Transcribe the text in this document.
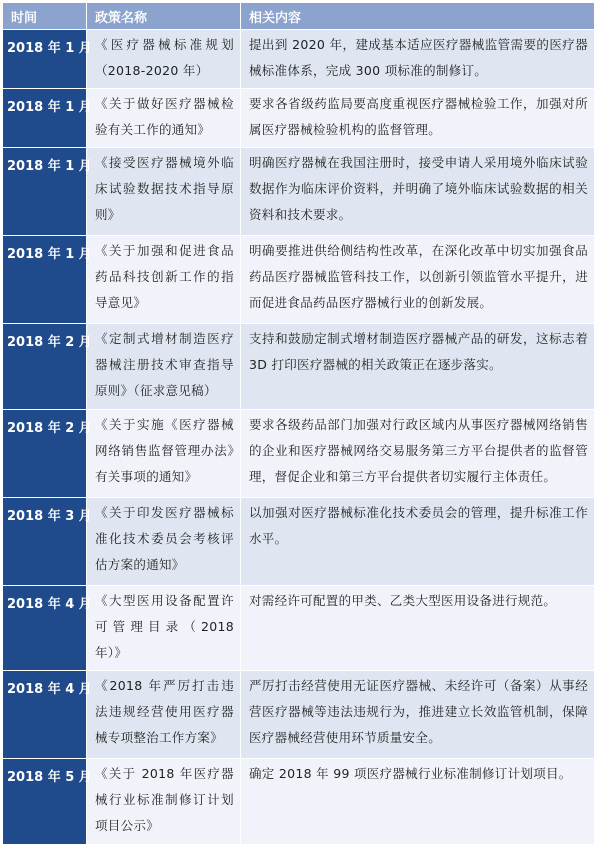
时间	政策名称	相关内容
2018 年 1 月	《医疗器械标准规划（2018-2020 年）	提出到 2020 年，建成基本适应医疗器械监管需要的医疗器械标准体系，完成 300 项标准的制修订。
2018 年 1 月	《关于做好医疗器械检验有关工作的通知》	要求各省级药监局要高度重视医疗器械检验工作，加强对所属医疗器械检验机构的监督管理。
2018 年 1 月	《接受医疗器械境外临床试验数据技术指导原则》	明确医疗器械在我国注册时，接受申请人采用境外临床试验数据作为临床评价资料，并明确了境外临床试验数据的相关资料和技术要求。
2018 年 1 月	《关于加强和促进食品药品科技创新工作的指导意见》	明确要推进供给侧结构性改革，在深化改革中切实加强食品药品医疗器械监管科技工作，以创新引领监管水平提升，进而促进食品药品医疗器械行业的创新发展。
2018 年 2 月	《定制式增材制造医疗器械注册技术审查指导原则》（征求意见稿）	支持和鼓励定制式增材制造医疗器械产品的研发，这标志着 3D 打印医疗器械的相关政策正在逐步落实。
2018 年 2 月	《关于实施《医疗器械网络销售监督管理办法》有关事项的通知》	要求各级药品部门加强对行政区域内从事医疗器械网络销售的企业和医疗器械网络交易服务第三方平台提供者的监督管理，督促企业和第三方平台提供者切实履行主体责任。
2018 年 3 月	《关于印发医疗器械标准化技术委员会考核评估方案的通知》	以加强对医疗器械标准化技术委员会的管理，提升标准工作水平。
2018 年 4 月	《大型医用设备配置许可管理目录（2018 年）》	对需经许可配置的甲类、乙类大型医用设备进行规范。
2018 年 4 月	《2018 年严厉打击违法违规经营使用医疗器械专项整治工作方案》	严厉打击经营使用无证医疗器械、未经许可（备案）从事经营医疗器械等违法违规行为，推进建立长效监管机制，保障医疗器械经营使用环节质量安全。
2018 年 5 月	《关于 2018 年医疗器械行业标准制修订计划项目公示》	确定 2018 年 99 项医疗器械行业标准制修订计划项目。
